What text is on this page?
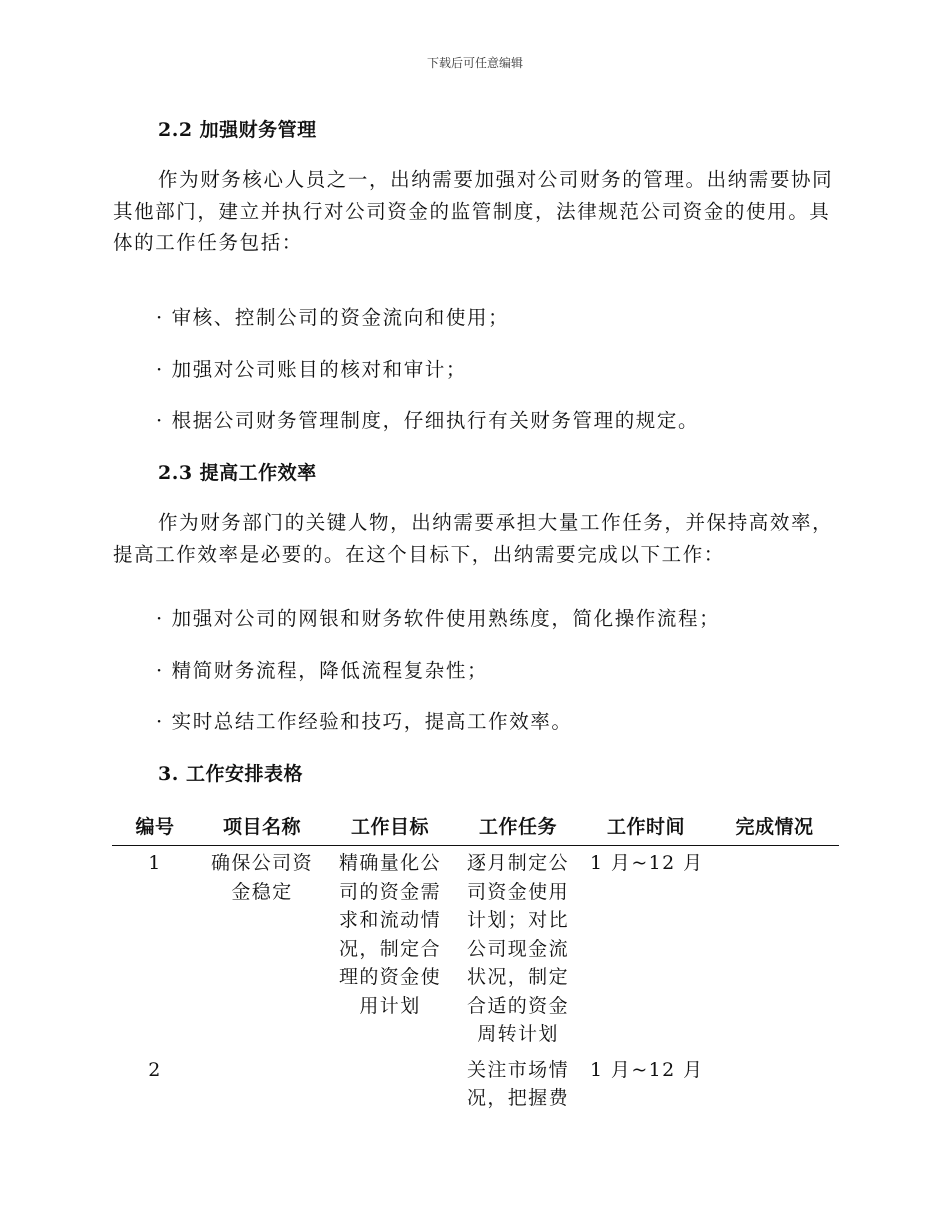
下载后可任意编辑
2.2 加强财务管理

作为财务核心人员之一，出纳需要加强对公司财务的管理。出纳需要协同其他部门，建立并执行对公司资金的监管制度，法律规范公司资金的使用。具体的工作任务包括：

· 审核、控制公司的资金流向和使用；
· 加强对公司账目的核对和审计；
· 根据公司财务管理制度，仔细执行有关财务管理的规定。
2.3 提高工作效率

作为财务部门的关键人物，出纳需要承担大量工作任务，并保持高效率，提高工作效率是必要的。在这个目标下，出纳需要完成以下工作：

· 加强对公司的网银和财务软件使用熟练度，简化操作流程；
· 精简财务流程，降低流程复杂性；
· 实时总结工作经验和技巧，提高工作效率。
3. 工作安排表格
编号	项目名称	工作目标	工作任务	工作时间	完成情况
1	确保公司资金稳定	精确量化公司的资金需求和流动情况，制定合理的资金使用计划	逐月制定公司资金使用计划；对比公司现金流状况，制定合适的资金周转计划	1 月~12 月	
2			关注市场情况，把握费	1 月~12 月	
